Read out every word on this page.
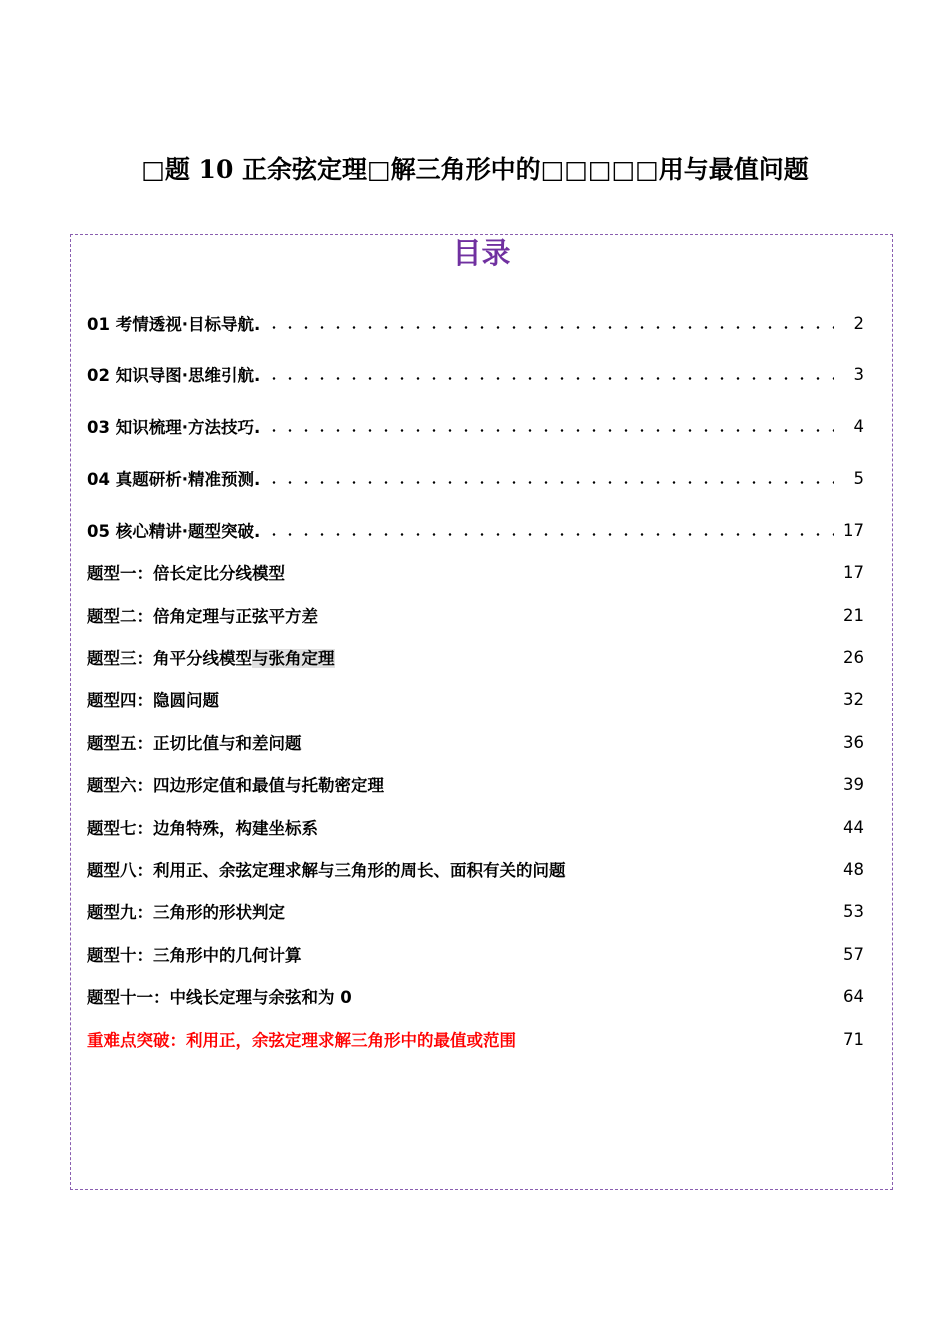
□题 10 正余弦定理□解三角形中的□□□□□用与最值问题
目录
01 考情透视·目标导航.	2
02 知识导图·思维引航.	3
03 知识梳理·方法技巧.	4
04 真题研析·精准预测.	5
05 核心精讲·题型突破.	17
题型一：倍长定比分线模型	17
题型二：倍角定理与正弦平方差	21
题型三：角平分线模型与张角定理	26
题型四：隐圆问题	32
题型五：正切比值与和差问题	36
题型六：四边形定值和最值与托勒密定理	39
题型七：边角特殊，构建坐标系	44
题型八：利用正、余弦定理求解与三角形的周长、面积有关的问题	48
题型九：三角形的形状判定	53
题型十：三角形中的几何计算	57
题型十一：中线长定理与余弦和为 0	64
重难点突破：利用正，余弦定理求解三角形中的最值或范围	71
